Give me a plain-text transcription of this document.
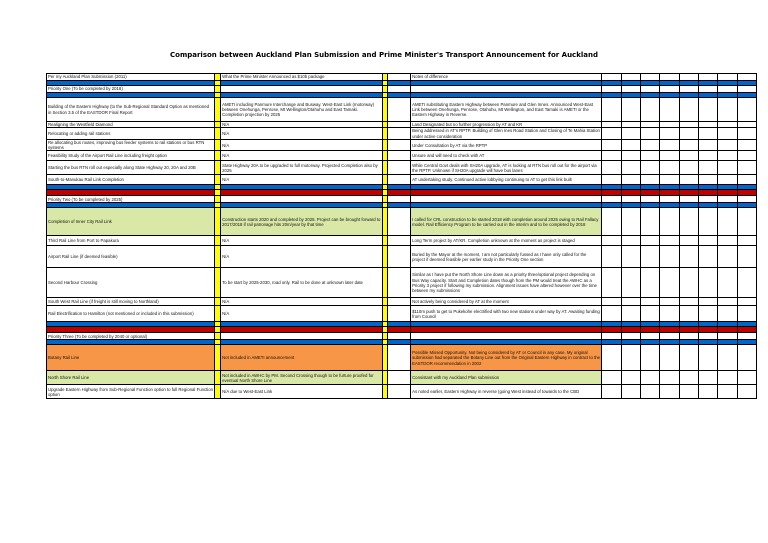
Comparison between Auckland Plan Submission and Prime Minister's Transport Announcement for Auckland
Per my Auckland Plan Submission (2011)		What the Prime Minister Announced as $10b package			Notes of difference								

Priority One (To be completed by 2018)													

Building of the Eastern Highway (to the Sub-Regional Standard Option as mentioned in Section 3.5 of the EASTDOR Final Report		AMETI including Panmure Interchange and Busway. West-East Link (motorway) between Onehunga, Penrose, Mt Wellington/Otahuhu and East Tamaki. Completion projection by 2025			AMETI substituting Eastern Highway between Panmure and Glen Innes. Announced West-East Link between Onehunga, Penrose, Otahuhu, Mt Wellington, and East Tamaki is AMETI or the Eastern Highway in Reverse.								
Realigning the Westfield Diamond		N/A			Land Designated but no further progression by AT and KR								
Relocating or adding rail stations		N/A			Being addressed in AT's RPTP. Building of Glen Ines Road Station and Closing of Te Mahia Station under active consideration								
Re allocating bus routes, improving bus feeder systems to rail stations or bus RTN systems		N/A			Under Consultation by AT via the RPTP								
Feasibility Study of the Airport Rail Line including freight option		N/A			Unsure and will need to check with AT								
Starting the bus RTN roll out especially along State Highway 20, 20A and 20B		State Highway 20A to be upgraded to full motorway. Projected Completion also by 2025			While Central Govt deals with SH20A upgrade, AT is looking at RTN bus roll out for the airport via the RPTP. Unknown if SH20A upgrade will have bus lanes								
South-to-Manukau Rail Link Completion		N/A			AT undertaking study. Continued active lobbying continuing to AT to get this link built								

Priority Two (To be completed by 2025)													

Completion of Inner City Rail Link		Construction starts 2020 and completed by 2025. Project can be brought forward to 2017/2018 if rail patronage hits 20m/year by that time			I called for CRL construction to be started 2018 with completion around 2025 owing to Rail Fallacy model. Rail Efficiency Program to be carried out in the interim and to be completed by 2018								
Third Rail Line from Port to Papakura		N/A			Long Term project by AT/KR. Completion unknown at the moment as project is staged								
Airport Rail Line (if deemed feasible)		N/A			Buried by the Mayor at the moment, I am not particularly fussed as I have only called for the project if deemed feasible per earlier study in the Priority One section								
Second Harbour Crossing		To be start by 2025-2030, road only. Rail to be done at unknown later date			Similar as I have put the North Shore Line down as a priority three/optional project depending on Bus Way capacity. Start and Completion dates though from the PM would treat the AWHC as a Priority 3 project if following my submission. Alignment issues have altered however over the time between my submissions								
South West Rail Line (if freight is still moving to Northland)		N/A			Not actively being considered by AT at the moment								
Rail Electrification to Hamilton (not mentioned or included in this submission)		N/A			$110m push to get to Pukekohe electrified with two new stations under way by AT. Awaiting funding from Council								

Priority Three (To be completed by 2040 or optional)													

Botany Rail Line		Not included in AMETI announcement			Possible Missed Opportunity. Not being considered by AT or Council in any case. My original submission had separated the Botany Line out from the Original Eastern Highway in contract to the EASTDOR recommendation in 2002								
North Shore Rail Line		Not included in AWHC by PM. Second Crossing though to be furture proofed for eventual North Shore Line			Consistant with my Auckland Plan submission								
Upgrade Eastern Highway from Sub-Regional Function option to full Regional Function option		N/A due to West-East Link			As noted earlier, Eastern Highway in reverse (going West instead of towards to the CBD								
